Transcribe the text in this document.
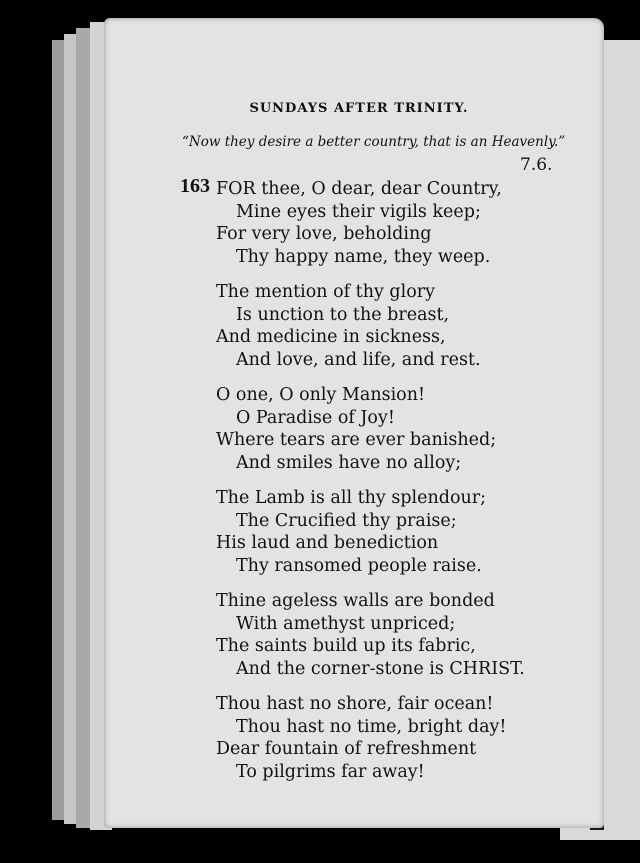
SUNDAYS AFTER TRINITY.
“Now they desire a better country, that is an Heavenly.”
7.6.
163 FOR thee, O dear, dear Country,
Mine eyes their vigils keep;
For very love, beholding
Thy happy name, they weep.
The mention of thy glory
Is unction to the breast,
And medicine in sickness,
And love, and life, and rest.
O one, O only Mansion!
O Paradise of Joy!
Where tears are ever banished;
And smiles have no alloy;
The Lamb is all thy splendour;
The Crucified thy praise;
His laud and benediction
Thy ransomed people raise.
Thine ageless walls are bonded
With amethyst unpriced;
The saints build up its fabric,
And the corner-stone is CHRIST.
Thou hast no shore, fair ocean!
Thou hast no time, bright day!
Dear fountain of refreshment
To pilgrims far away!
